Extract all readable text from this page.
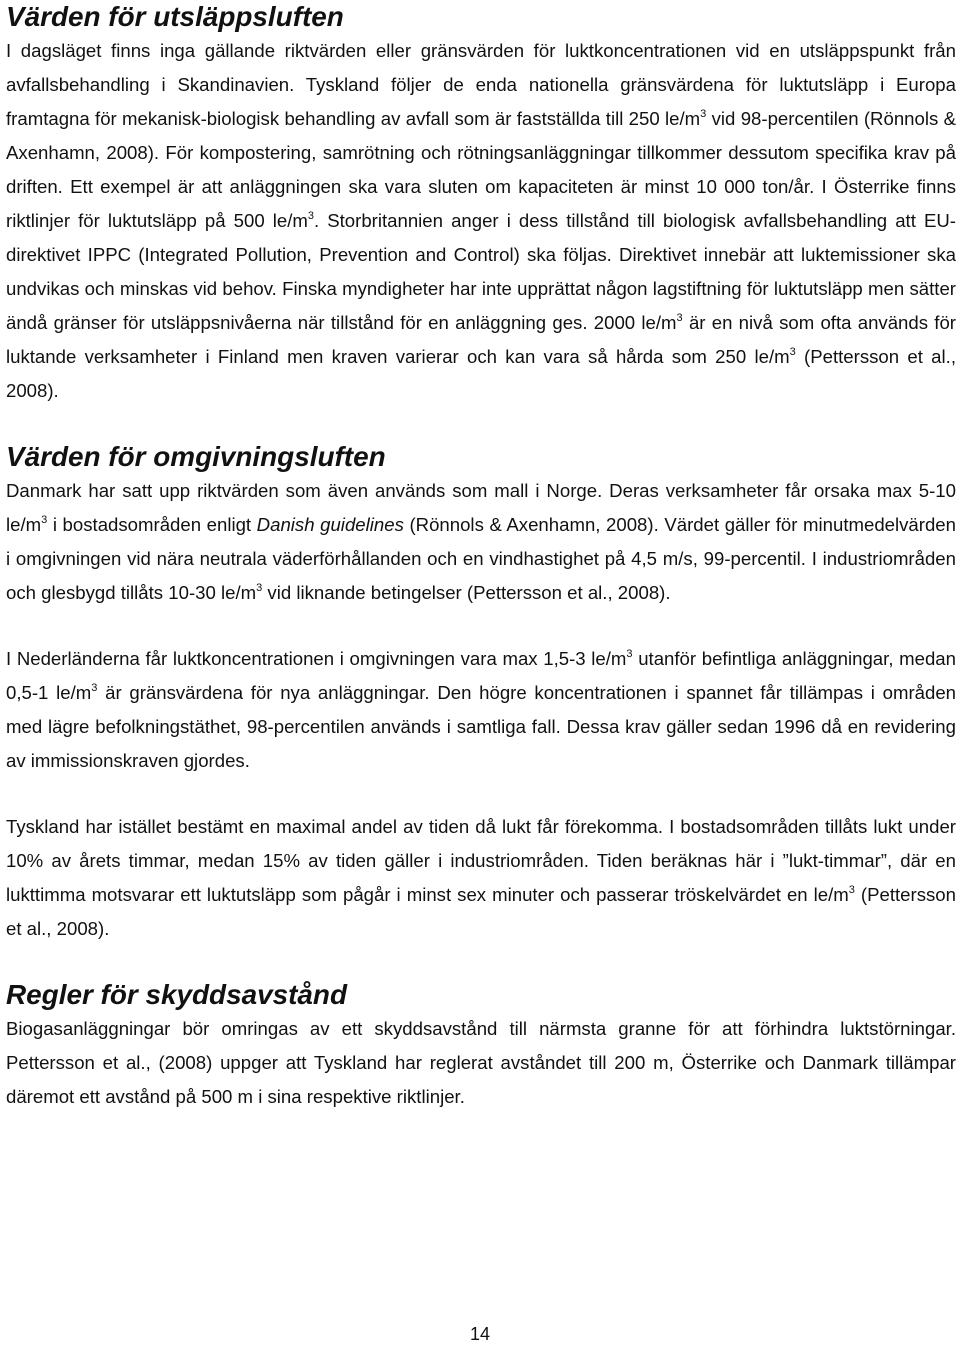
Värden för utsläppsluften

I dagsläget finns inga gällande riktvärden eller gränsvärden för luktkoncentrationen vid en utsläppspunkt från avfallsbehandling i Skandinavien. Tyskland följer de enda nationella gränsvärdena för luktutsläpp i Europa framtagna för mekanisk-biologisk behandling av avfall som är fastställda till 250 $le/m^3$ vid 98-percentilen (Rönnols & Axenhamn, 2008). För kompostering, samrötning och rötningsanläggningar tillkommer dessutom specifika krav på driften. Ett exempel är att anläggningen ska vara sluten om kapaciteten är minst 10 000 ton/år. I Österrike finns riktlinjer för luktutsläpp på 500 $le/m^3$. Storbritannien anger i dess tillstånd till biologisk avfallsbehandling att EU-direktivet IPPC (Integrated Pollution, Prevention and Control) ska följas. Direktivet innebär att luktemissioner ska undvikas och minskas vid behov. Finska myndigheter har inte upprättat någon lagstiftning för luktutsläpp men sätter ändå gränser för utsläppsnivåerna när tillstånd för en anläggning ges. 2000 $le/m^3$ är en nivå som ofta används för luktande verksamheter i Finland men kraven varierar och kan vara så hårda som 250 $le/m^3$ (Pettersson et al., 2008).

Värden för omgivningsluften

Danmark har satt upp riktvärden som även används som mall i Norge. Deras verksamheter får orsaka max 5-10 $le/m^3$ i bostadsområden enligt Danish guidelines (Rönnols & Axenhamn, 2008). Värdet gäller för minutmedelvärden i omgivningen vid nära neutrala väderförhållanden och en vindhastighet på 4,5 m/s, 99-percentil. I industriområden och glesbygd tillåts 10-30 $le/m^3$ vid liknande betingelser (Pettersson et al., 2008).

I Nederländerna får luktkoncentrationen i omgivningen vara max 1,5-3 $le/m^3$ utanför befintliga anläggningar, medan 0,5-1 $le/m^3$ är gränsvärdena för nya anläggningar. Den högre koncentrationen i spannet får tillämpas i områden med lägre befolkningstäthet, 98-percentilen används i samtliga fall. Dessa krav gäller sedan 1996 då en revidering av immissionskraven gjordes.

Tyskland har istället bestämt en maximal andel av tiden då lukt får förekomma. I bostadsområden tillåts lukt under 10% av årets timmar, medan 15% av tiden gäller i industriområden. Tiden beräknas här i ”lukt-timmar”, där en lukttimma motsvarar ett luktutsläpp som pågår i minst sex minuter och passerar tröskelvärdet en $le/m^3$ (Pettersson et al., 2008).

Regler för skyddsavstånd

Biogasanläggningar bör omringas av ett skyddsavstånd till närmsta granne för att förhindra luktstörningar. Pettersson et al., (2008) uppger att Tyskland har reglerat avståndet till 200 m, Österrike och Danmark tillämpar däremot ett avstånd på 500 m i sina respektive riktlinjer.

14
